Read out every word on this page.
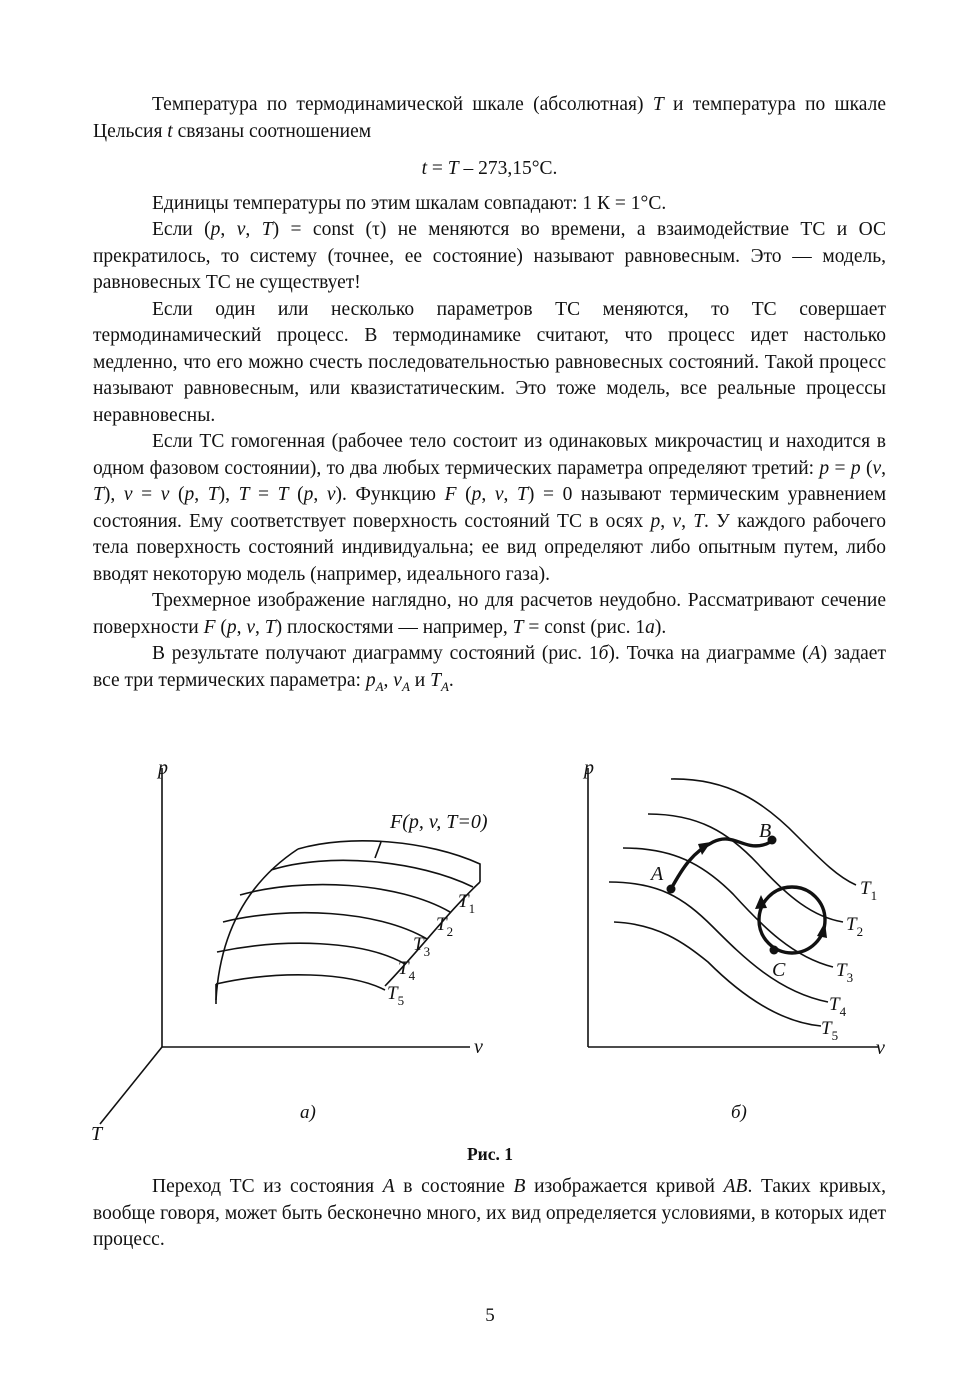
Температура по термодинамической шкале (абсолютная) T и температура по шкале Цельсия t связаны соотношением

t = T – 273,15°С.

Единицы температуры по этим шкалам совпадают: 1 К = 1°С.

Если (p, v, T) = const (τ) не меняются во времени, а взаимодействие ТС и ОС прекратилось, то систему (точнее, ее состояние) называют равновесным. Это — модель, равновесных ТС не существует!

Если один или несколько параметров ТС меняются, то ТС совершает термодинамический процесс. В термодинамике считают, что процесс идет настолько медленно, что его можно счесть последовательностью равновесных состояний. Такой процесс называют равновесным, или квазистатическим. Это тоже модель, все реальные процессы неравновесны.

Если ТС гомогенная (рабочее тело состоит из одинаковых микрочастиц и находится в одном фазовом состоянии), то два любых термических параметра определяют третий: p = p (v, T), v = v (p, T), T = T (p, v). Функцию F (p, v, T) = 0 называют термическим уравнением состояния. Ему соответствует поверхность состояний ТС в осях p, v, T. У каждого рабочего тела поверхность состояний индивидуальна; ее вид определяют либо опытным путем, либо вводят некоторую модель (например, идеального газа).

Трехмерное изображение наглядно, но для расчетов неудобно. Рассматривают сечение поверхности F (p, v, T) плоскостями — например, T = const (рис. 1а).

В результате получают диаграмму состояний (рис. 1б). Точка на диаграмме (А) задает все три термических параметра: $p_A$, $v_A$ и $T_A$.

p
v
T
F(p, v, T=0)
$T_1$
$T_2$
$T_3$
$T_4$
$T_5$
а)
p
v
A
B
C
$T_1$
$T_2$
$T_3$
$T_4$
$T_5$
б)
Рис. 1

Переход ТС из состояния А в состояние В изображается кривой АВ. Таких кривых, вообще говоря, может быть бесконечно много, их вид определяется условиями, в которых идет процесс.

5
